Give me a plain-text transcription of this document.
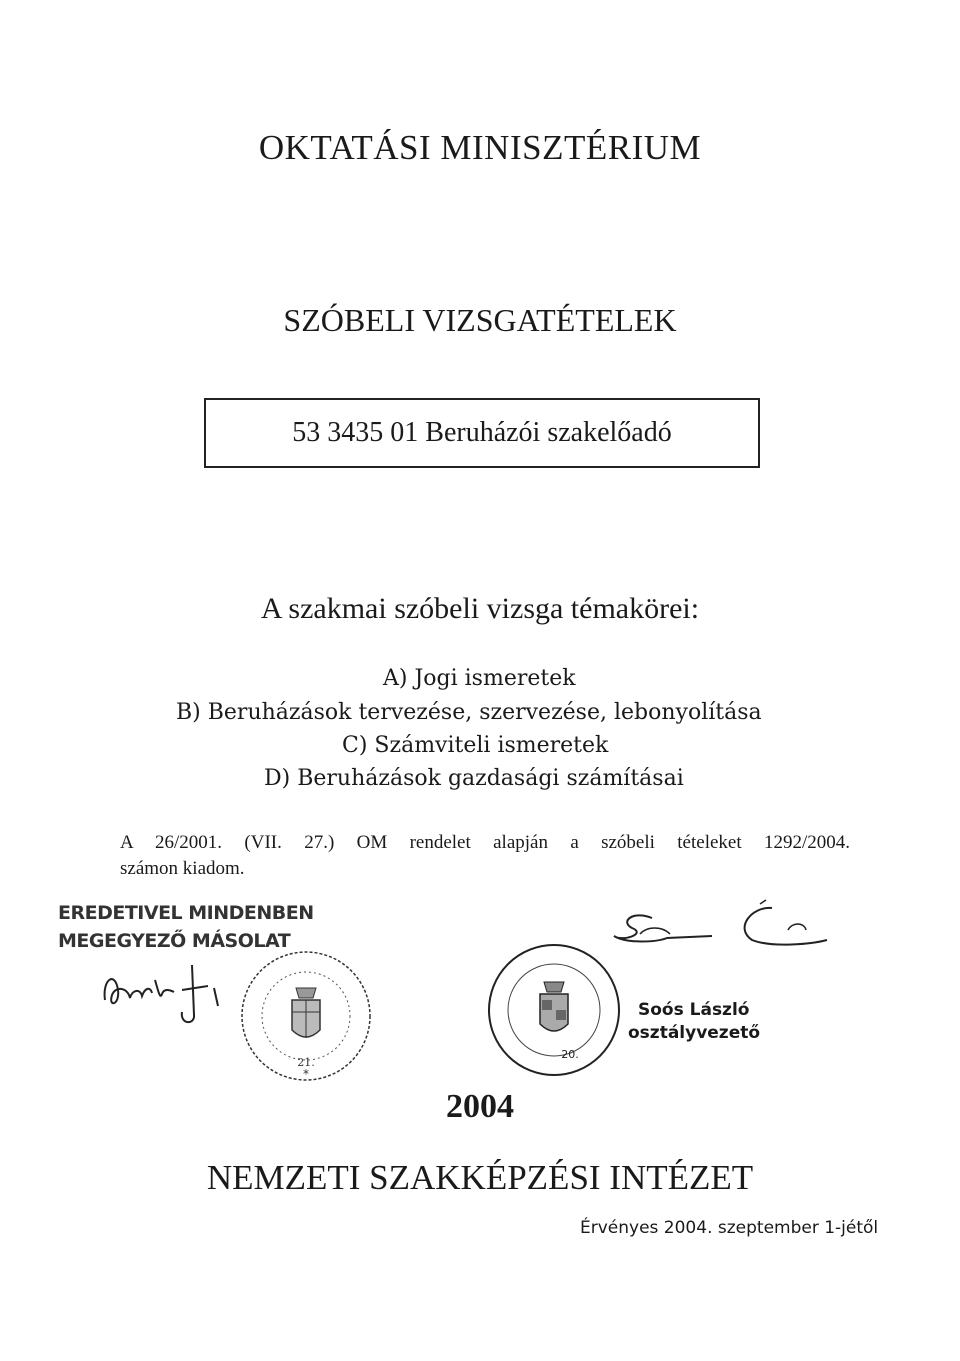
OKTATÁSI MINISZTÉRIUM
SZÓBELI VIZSGATÉTELEK
53 3435 01 Beruházói szakelőadó
A szakmai szóbeli vizsga témakörei:
A) Jogi ismeretek
B) Beruházások tervezése, szervezése, lebonyolítása
C) Számviteli ismeretek
D) Beruházások gazdasági számításai
A 26/2001. (VII. 27.) OM rendelet alapján a szóbeli tételeket 1292/2004.
számon kiadom.
EREDETIVEL MINDENBEN
MEGEGYEZŐ MÁSOLAT
21.
*
20.
Soós László
osztályvezető
2004
NEMZETI SZAKKÉPZÉSI INTÉZET
Érvényes 2004. szeptember 1-jétől
